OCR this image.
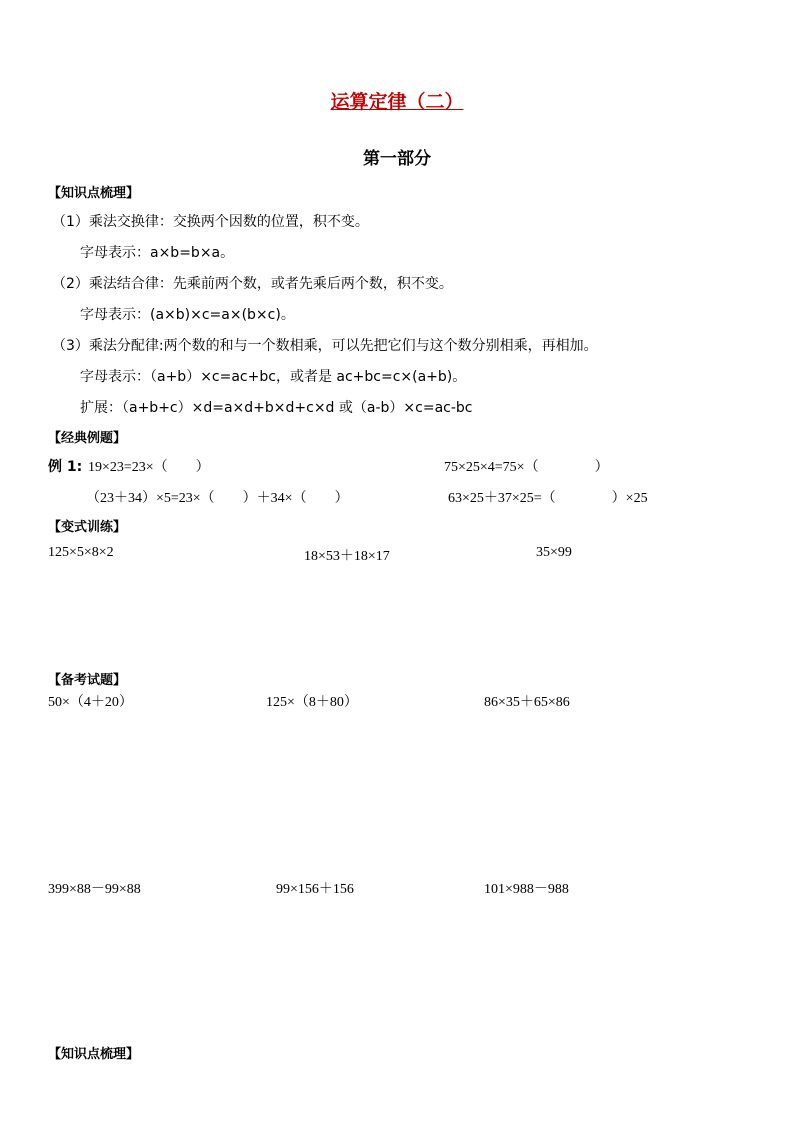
运算定律（二）
第一部分
【知识点梳理】
（1）乘法交换律：交换两个因数的位置，积不变。
字母表示：a×b=b×a。
（2）乘法结合律：先乘前两个数，或者先乘后两个数，积不变。
字母表示：(a×b)×c=a×(b×c)。
（3）乘法分配律:两个数的和与一个数相乘，可以先把它们与这个数分别相乘，再相加。
字母表示：（a+b）×c=ac+bc，或者是 ac+bc=c×(a+b)。
扩展：（a+b+c）×d=a×d+b×d+c×d 或（a-b）×c=ac-bc
【经典例题】
例 1: 19×23=23×（　　）	75×25×4=75×（　　　　）
（23＋34）×5=23×（　　）＋34×（　　）	63×25＋37×25=（　　　　）×25
【变式训练】
125×5×8×2	18×53＋18×17	35×99
【备考试题】
50×（4＋20）	125×（8＋80）	86×35＋65×86
399×88－99×88	99×156＋156	101×988－988
【知识点梳理】
